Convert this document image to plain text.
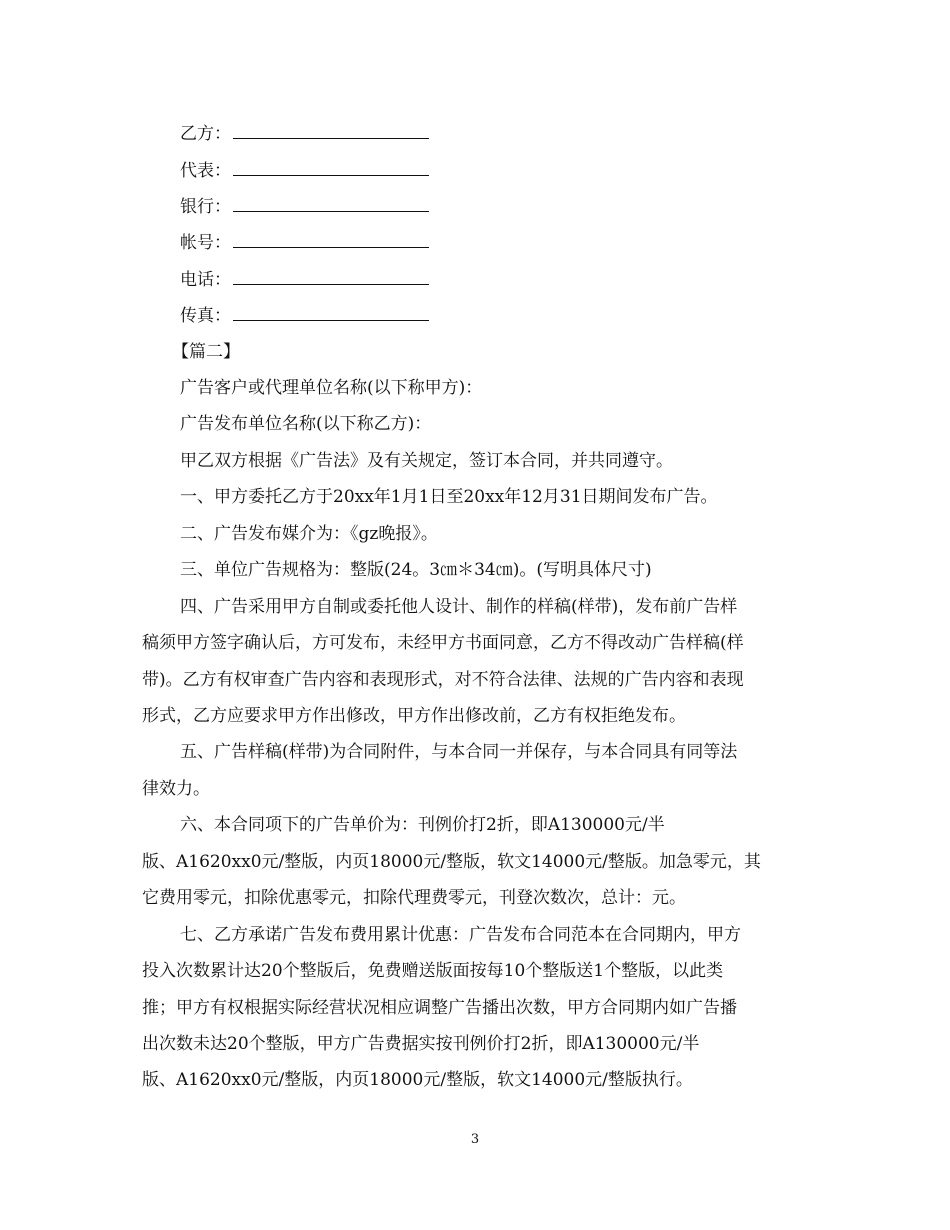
乙方：
代表：
银行：
帐号：
电话：
传真：
【篇二】
广告客户或代理单位名称(以下称甲方)：
广告发布单位名称(以下称乙方)：
甲乙双方根据《广告法》及有关规定，签订本合同，并共同遵守。
一、甲方委托乙方于20xx年1月1日至20xx年12月31日期间发布广告。
二、广告发布媒介为：《gz晚报》。
三、单位广告规格为：整版(24。3㎝＊34㎝)。(写明具体尺寸)
四、广告采用甲方自制或委托他人设计、制作的样稿(样带)，发布前广告样
稿须甲方签字确认后，方可发布，未经甲方书面同意，乙方不得改动广告样稿(样
带)。乙方有权审查广告内容和表现形式，对不符合法律、法规的广告内容和表现
形式，乙方应要求甲方作出修改，甲方作出修改前，乙方有权拒绝发布。
五、广告样稿(样带)为合同附件，与本合同一并保存，与本合同具有同等法
律效力。
六、本合同项下的广告单价为：刊例价打2折，即A130000元/半
版、A1620xx0元/整版，内页18000元/整版，软文14000元/整版。加急零元，其
它费用零元，扣除优惠零元，扣除代理费零元，刊登次数次，总计：元。
七、乙方承诺广告发布费用累计优惠：广告发布合同范本在合同期内，甲方
投入次数累计达20个整版后，免费赠送版面按每10个整版送1个整版，以此类
推；甲方有权根据实际经营状况相应调整广告播出次数，甲方合同期内如广告播
出次数未达20个整版，甲方广告费据实按刊例价打2折，即A130000元/半
版、A1620xx0元/整版，内页18000元/整版，软文14000元/整版执行。
3
